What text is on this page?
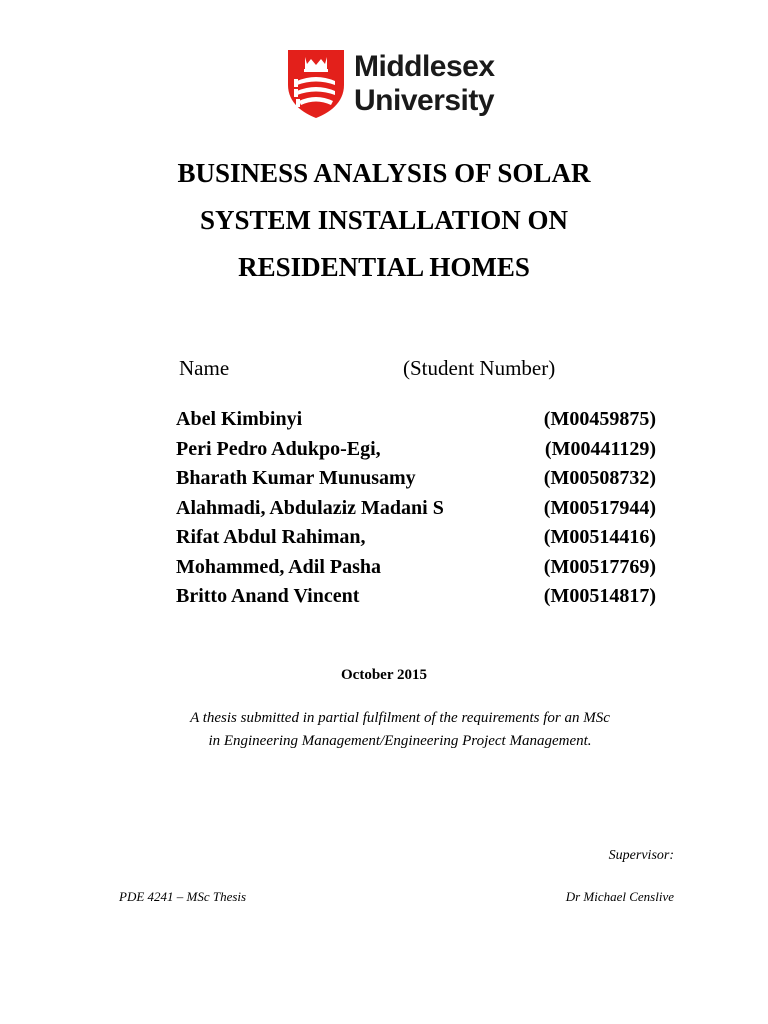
Middlesex
University
BUSINESS ANALYSIS OF SOLAR
SYSTEM INSTALLATION ON
RESIDENTIAL HOMES
Name	(Student Number)
Abel Kimbinyi	(M00459875)
Peri Pedro Adukpo-Egi,	(M00441129)
Bharath Kumar Munusamy	(M00508732)
Alahmadi, Abdulaziz Madani S	(M00517944)
Rifat Abdul Rahiman,	(M00514416)
Mohammed, Adil Pasha	(M00517769)
Britto Anand Vincent	(M00514817)
October 2015
A thesis submitted in partial fulfilment of the requirements for an MSc
in Engineering Management/Engineering Project Management.
Supervisor:
PDE 4241 – MSc Thesis	Dr Michael Censlive
